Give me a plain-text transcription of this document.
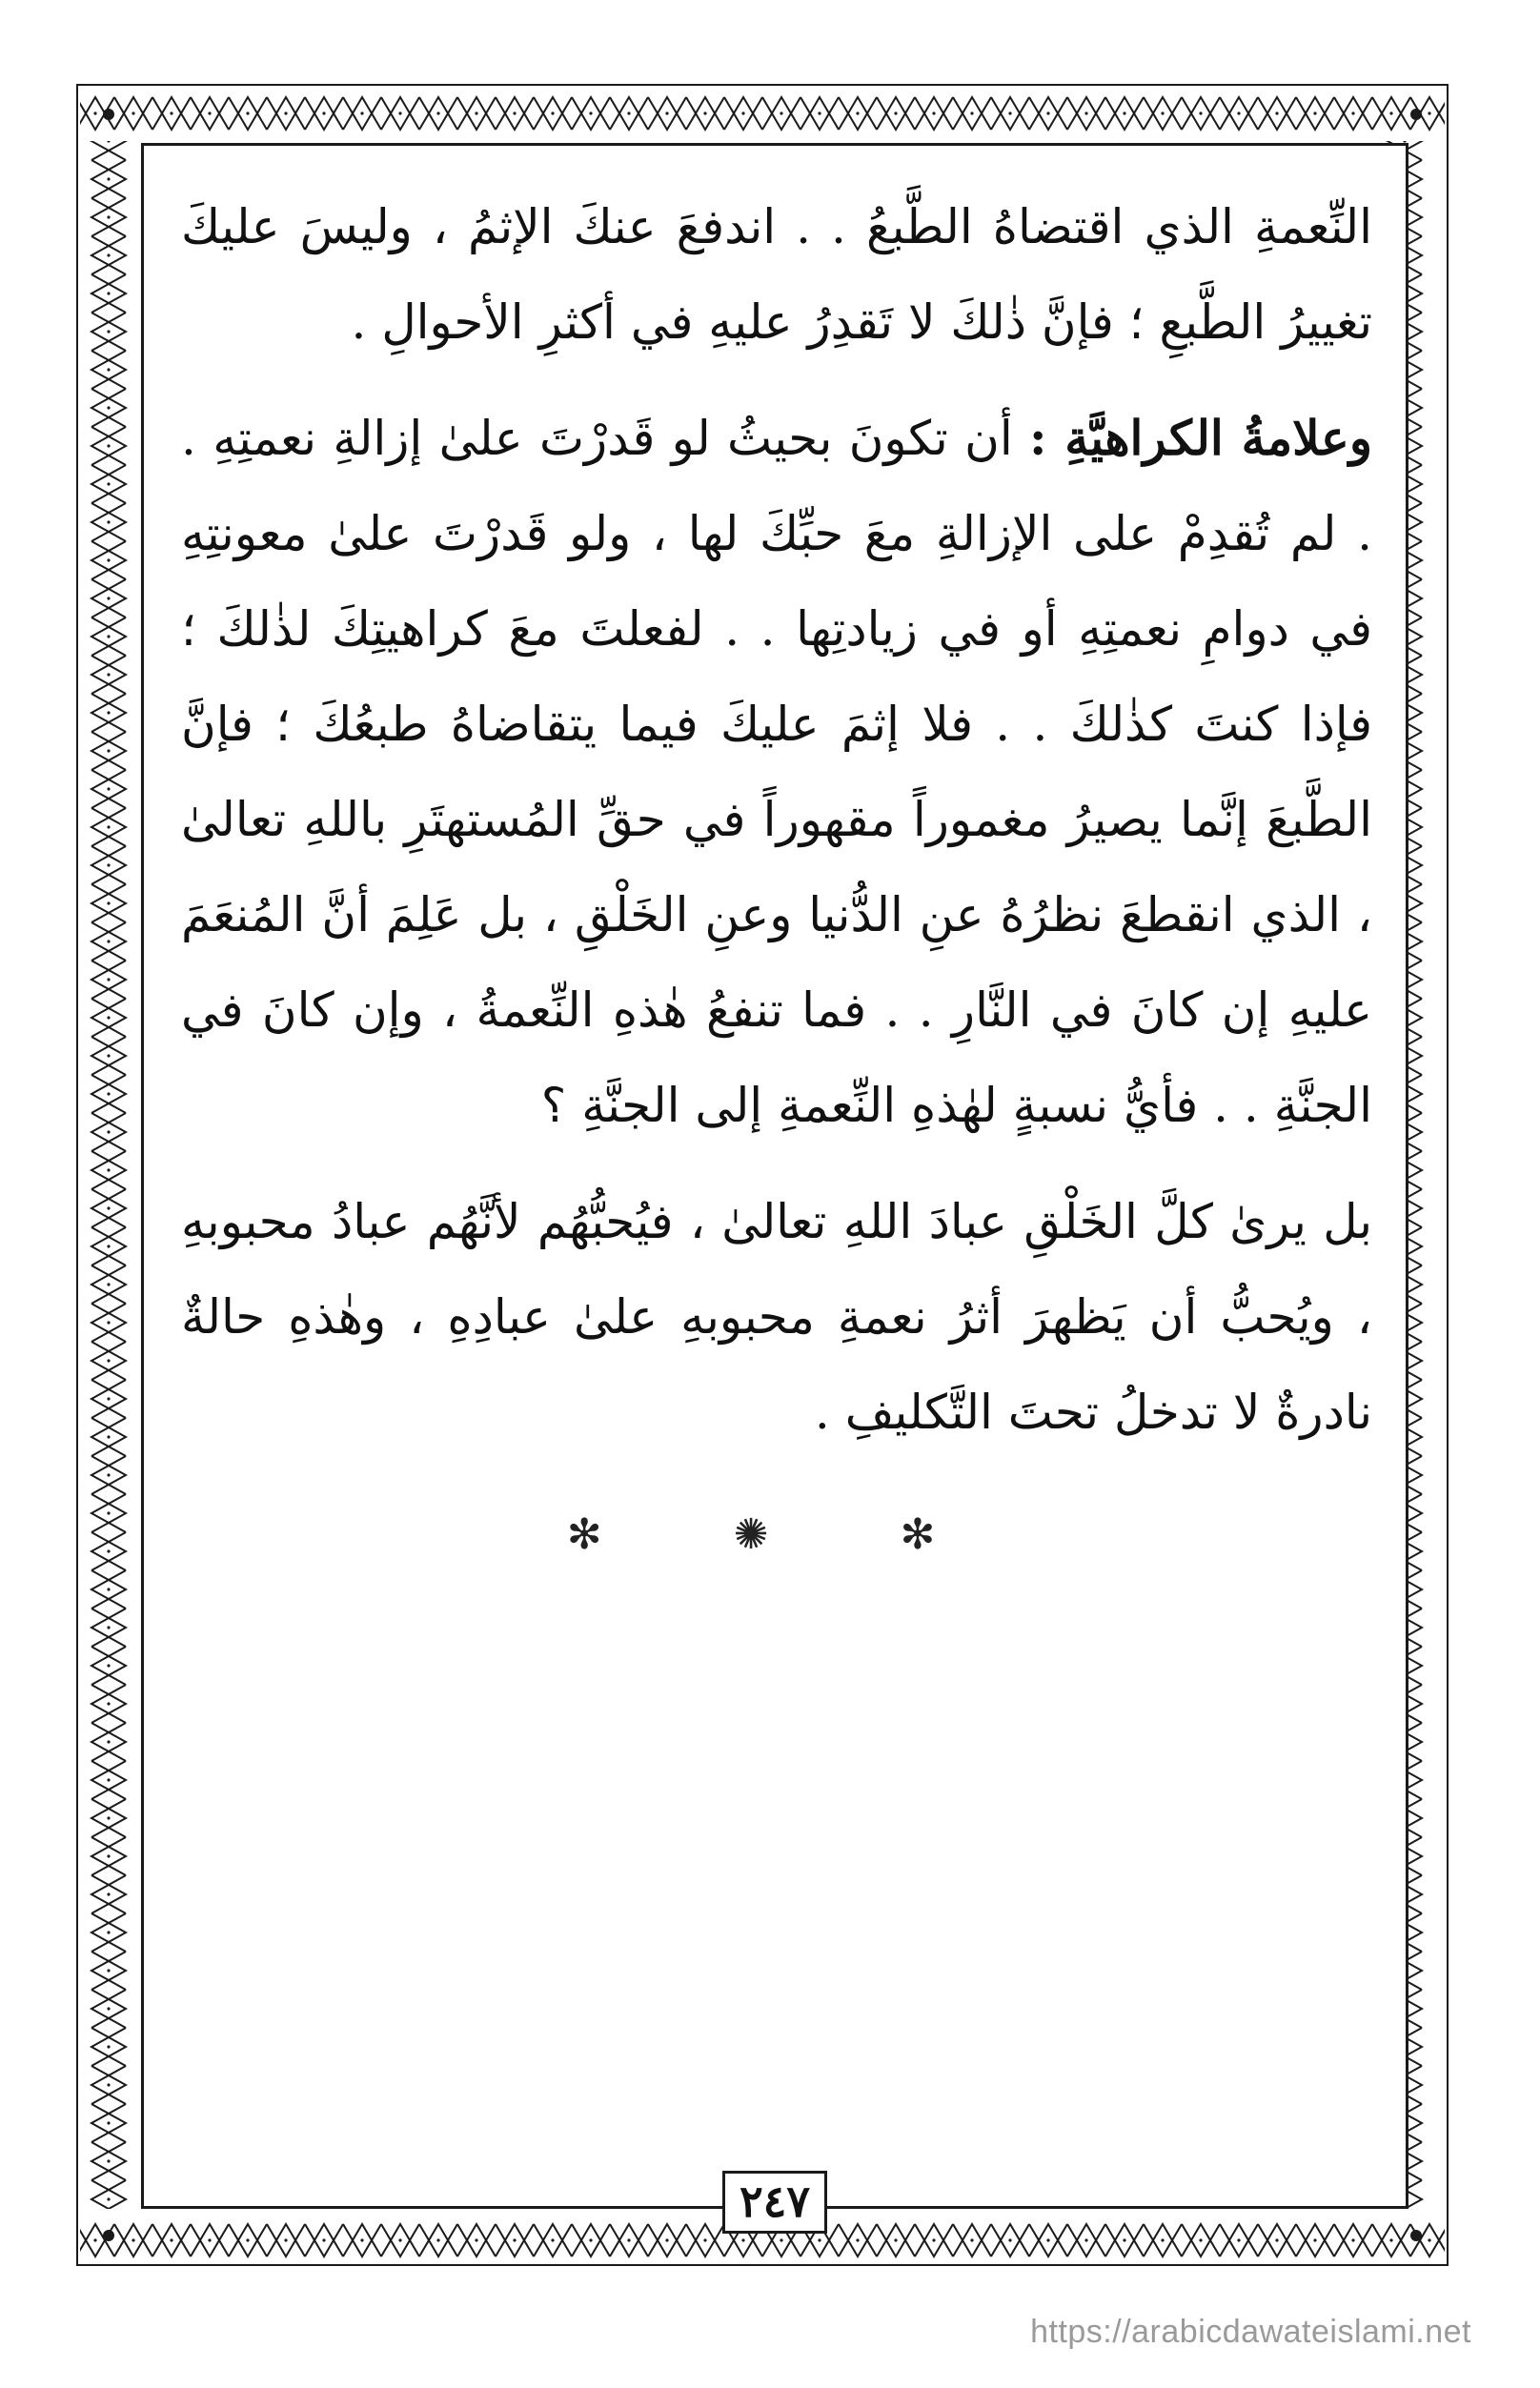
النِّعمةِ الذي اقتضاهُ الطَّبعُ . . اندفعَ عنكَ الإثمُ ، وليسَ عليكَ تغييرُ الطَّبعِ ؛ فإنَّ ذٰلكَ لا تَقدِرُ عليهِ في أكثرِ الأحوالِ .

وعلامةُ الكراهيَّةِ : أن تكونَ بحيثُ لو قَدرْتَ علىٰ إزالةِ نعمتِهِ . . لم تُقدِمْ على الإزالةِ معَ حبِّكَ لها ، ولو قَدرْتَ علىٰ معونتِهِ في دوامِ نعمتِهِ أو في زيادتِها . . لفعلتَ معَ كراهيتِكَ لذٰلكَ ؛ فإذا كنتَ كذٰلكَ . . فلا إثمَ عليكَ فيما يتقاضاهُ طبعُكَ ؛ فإنَّ الطَّبعَ إنَّما يصيرُ مغموراً مقهوراً في حقِّ المُستهتَرِ باللهِ تعالىٰ ، الذي انقطعَ نظرُهُ عنِ الدُّنيا وعنِ الخَلْقِ ، بل عَلِمَ أنَّ المُنعَمَ عليهِ إن كانَ في النَّارِ . . فما تنفعُ هٰذهِ النِّعمةُ ، وإن كانَ في الجنَّةِ . . فأيُّ نسبةٍ لهٰذهِ النِّعمةِ إلى الجنَّةِ ؟

بل يرىٰ كلَّ الخَلْقِ عبادَ اللهِ تعالىٰ ، فيُحبُّهُم لأنَّهُم عبادُ محبوبهِ ، ويُحبُّ أن يَظهرَ أثرُ نعمةِ محبوبهِ علىٰ عبادِهِ ، وهٰذهِ حالةٌ نادرةٌ لا تدخلُ تحتَ التَّكليفِ .

✻ ✺ ✻
٢٤٧
https://arabicdawateislami.net
